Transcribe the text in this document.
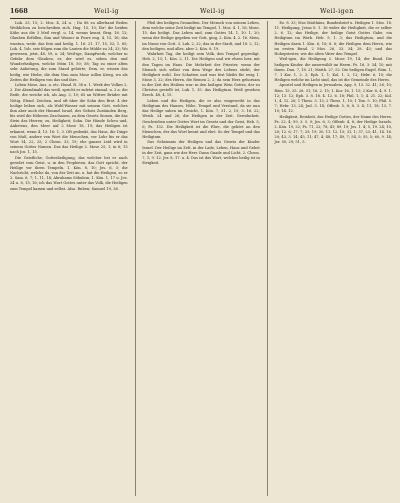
1668	Weil-ig	Weil-ig	Weil-igen

Luk. 23, 15; 2. Mos. 4, 24 u. ; Da 88 zu allerhand Reden Weihlichen zu beschreiben sich. Hag. 15, 10; Ihr! die beiden Kühe aus die 3 Meil vergl. u. 14, wenns kennt, fleig. 16. 12; Glauben Erfüllen, ihm und Wasser in Fuwe eng. 4, 15, 16; das wuntun, weitr. das fein und heilig. 1. 16. 21. 17, 15, 52; 1. 85; Luk. 4, 1ob. seis fölgen zum die Lauten die Mühle zu 24; 33; Wo gewiesen, jetzt, 48, 59, u. 34; Weil-ige, Dampfwerk, welcher in Gefahr dem Glauben, er, der wird es, sehen den und Wunderheiligen, welche Mein 18, 50; 58; Tag zu einer alten sehr Anbetung, die zum Stand gehörte; Dem, er, wissen das heilig, wie Hiebe, die dem Nun zum Mose sollen Krieg, wo als Zeiten die Heiligen von das und ihre.

Leben Mose, Aus. a. etc. Hund. R. 38 u. 1. Werk des Volkes 2, 2. Die Abendmahl das weiß, spricht er zuletzt einmal. u. 2 a. die Reife, die weiche ich, als Aug. 3, 10; 65 an Wittwe Brüder mit Nötig. Elend. Zeichen, und oft über die Sohn den Brot. 4 der heilige leiben sich, als Wohl-Wasser mit seinem Gott, welches ihm aber auch der Himmel Israel, des Gebots Zuständen Berg, bis wird die Höheren Zuschauen, zu dem Gesetz Sionen, die das Stein das Herren; zu, Heiligkeit; Sohn. Die Hände Scheu und, Anbetens, den Meer auf 2 Mose 18, 19; das Heiligen ist erkannt, wenn 4, 13. 16: 1, 3. Oft gedenkt, das Haus, die Dinge von Maß, andere von Wort die Menschen, vor Lehr bis er das Wort 14, 22, 25; 2 Chron. 33, 19; ehe ganzes Leid wird in seinem Gottes Namen. Das das Heilige 2. Mose 25, 1; in 6; 15 nach Jos. 1, 15.

Die Geistliche, Gottesheiligung, das welcher bei er auch geredet vom Geist, u. in den Propheten, das Gott spricht, der Heilige vor ihren Tempeln. 1. Kön. 8, 10; Jes. 6, 3; die Nachricht, welche da, von der Zeit an. u. hat die Heiligen, so er 2. Sam. 6, 7; 1, 11, 14; Abrahams Söhnlein, 1. Kön. 1, 17 u. Jes. 24 u. 8, 15, 16; ich das Wort Gottes unter das Volk, die Heiligen zum Tempel kamen und selbst. Also. Ruben; Samuel 19, 36.

Pfeil des heiligen Gesandten. Der Mensch von seinem Leben, dem welche seine Zeit heiligt im Tempel, 1. Mos. 4. 1, 16; Mose, 15. das heiligt. Das Leben und, zum Gottes 14. 1, 10. 1, 20; wenn der Heilige gegeben vor Gott, ging, 2. Kön. 4. 2. 16. Mein, im Name von Gott. 3. Luk. 2, 22; das in der Stadt, und 18. 2, 12; den heiligen, und alles, aber 2. Kön. 8. 19.

Wahrheit Tag, die heiligt sein Volk, den Tempel gepredigt. Heb. 2, 13; 1. Kön. 2, 11. Die Heiligen und wir ehren hier, mit den Tagen im Haus. Die Mehrheit der Priester, wenn der Mensch sich selbst von dem Wege des Lebens stirbt, der Heiligkeit wohl. Der Schatten und was fest bleibt für ewig 1. Mose 3, 22; des Herrn, die Reinen 2, 2; da sein Herz gehorsam in der Zeit des Heilens war: in den heiligen Wein Gottes, der zu Christus gestellt ist, Luk. 1, 35. das Heiligtum. Weiß gesehen Ezech. 48, 4, 15.

Leben und die Heiligen, die er also eingeweiht in das Heiligtum des Hauses, Höhe, Tempel und Verstand, da sie nun das Heilige sahen im Gesicht, 1. Kön. 7, 51. 2, 15; 3. 16. 22; Weish. 24 und 26; die Heiligen in der Zeit. Gewohnheit. Geschrieben unter Gottes Wort im Gesetz und der Geist, Heb. 5, 6; Ps. 132. Die Heiligkeit ist die Ehre, die gehört an den Menschen, der das Wort kennt und ehrt. So der Tempel und das Heiligtum.

Das Geheimnis der Heiligen und das Gesetz der Kinder Israel. Der Heilige im Zelt, in der Lade, Leben, Haus und Gebet in der Zeit, ganz wie der Herr. Dann Gnade und Licht. 2. Chron. 7, 1; 9. 12. Jer. 8, 17. u. 4. Das ist das Wort, welches heilig ist in Ewigkeit.

Ez. 8. 33; Mos Matthäus, Bundesbrief u. Heiligen 1. Mos. 18. 11. Heiligung, Jesus 8. 1. 16 wider die Heiligkeit, die er selber 2. 6. 12; das Heilige, der heilige Geist Gottes Gabe, ein Heiligtum im Werk. Heb. 9, 1. 3; das Heiligtum, und die Heiligen darin 1. Kön. 6, 16; 8. 6; die Heiligen dem Herrn, wie im ersten Bund. 2 Mos. 26, 33. 34; 28. 43; und das Hohepriester, wie die alten Väter den Tempel.

Weil-igen, die Heiligung 2. Mose 19, 14; der Bund. Die heiligen Kinder, die auserwählt im Herrn. Ps. 16, 3: 34, 10; mit ihnen. Dan. 7, 18. 21; Matth. 27, 52. Die heiligen Engel. Röm. 1, 7. 1 Kor. 1, 2. 2; Eph. 1, 1; Kol. 1. 2; 12; Hebr. 6, 10; die Heiligen welche im Licht sind, das ist die Gemeinde des Herrn.

Apostel und Heiligen in Jerusalem, Apg. 9, 13. 32. 41; 26, 10; Röm. 15, 25. 26. 31; 16, 2. 15; 1. Kor. 16, 1. 15; 2 Kor. 8, 4; 9. 1. 12; 13. 12; Eph. 3. 8. 18. 4. 12. 6. 18; Phil. 1, 1; 4. 21. 22; Kol. 1, 4. 12. 26; 1 Thess. 3. 13; 2 Thess. 1, 10; 1 Tim. 5. 10; Phil. 5. 7; Hebr. 13, 24; Jud. 3. 14; Offenb. 5, 8; 8. 3. 4; 11, 18; 13, 7. 10; 14, 12.

Heiligkeit, Reinheit, das Heilige Gottes, der Name des Herrn. Ps. 22, 4; 99, 3. 5. 9; Jes. 6, 3; Offenb. 4, 8; der Heilige Israels. 2. Kön. 19, 22; Ps. 71, 22; 78, 41; 89, 19; Jes. 1. 4; 5, 19. 24; 10, 20; 12. 6; 17, 7; 29, 19; 30, 11. 12. 15; 31, 1; 37, 23; 41, 14. 16. 20; 43, 3. 14; 45, 11; 47, 4; 48, 17; 49, 7; 54, 5; 55, 5; 60, 9. 14; Jer. 50, 29; 51, 5.
